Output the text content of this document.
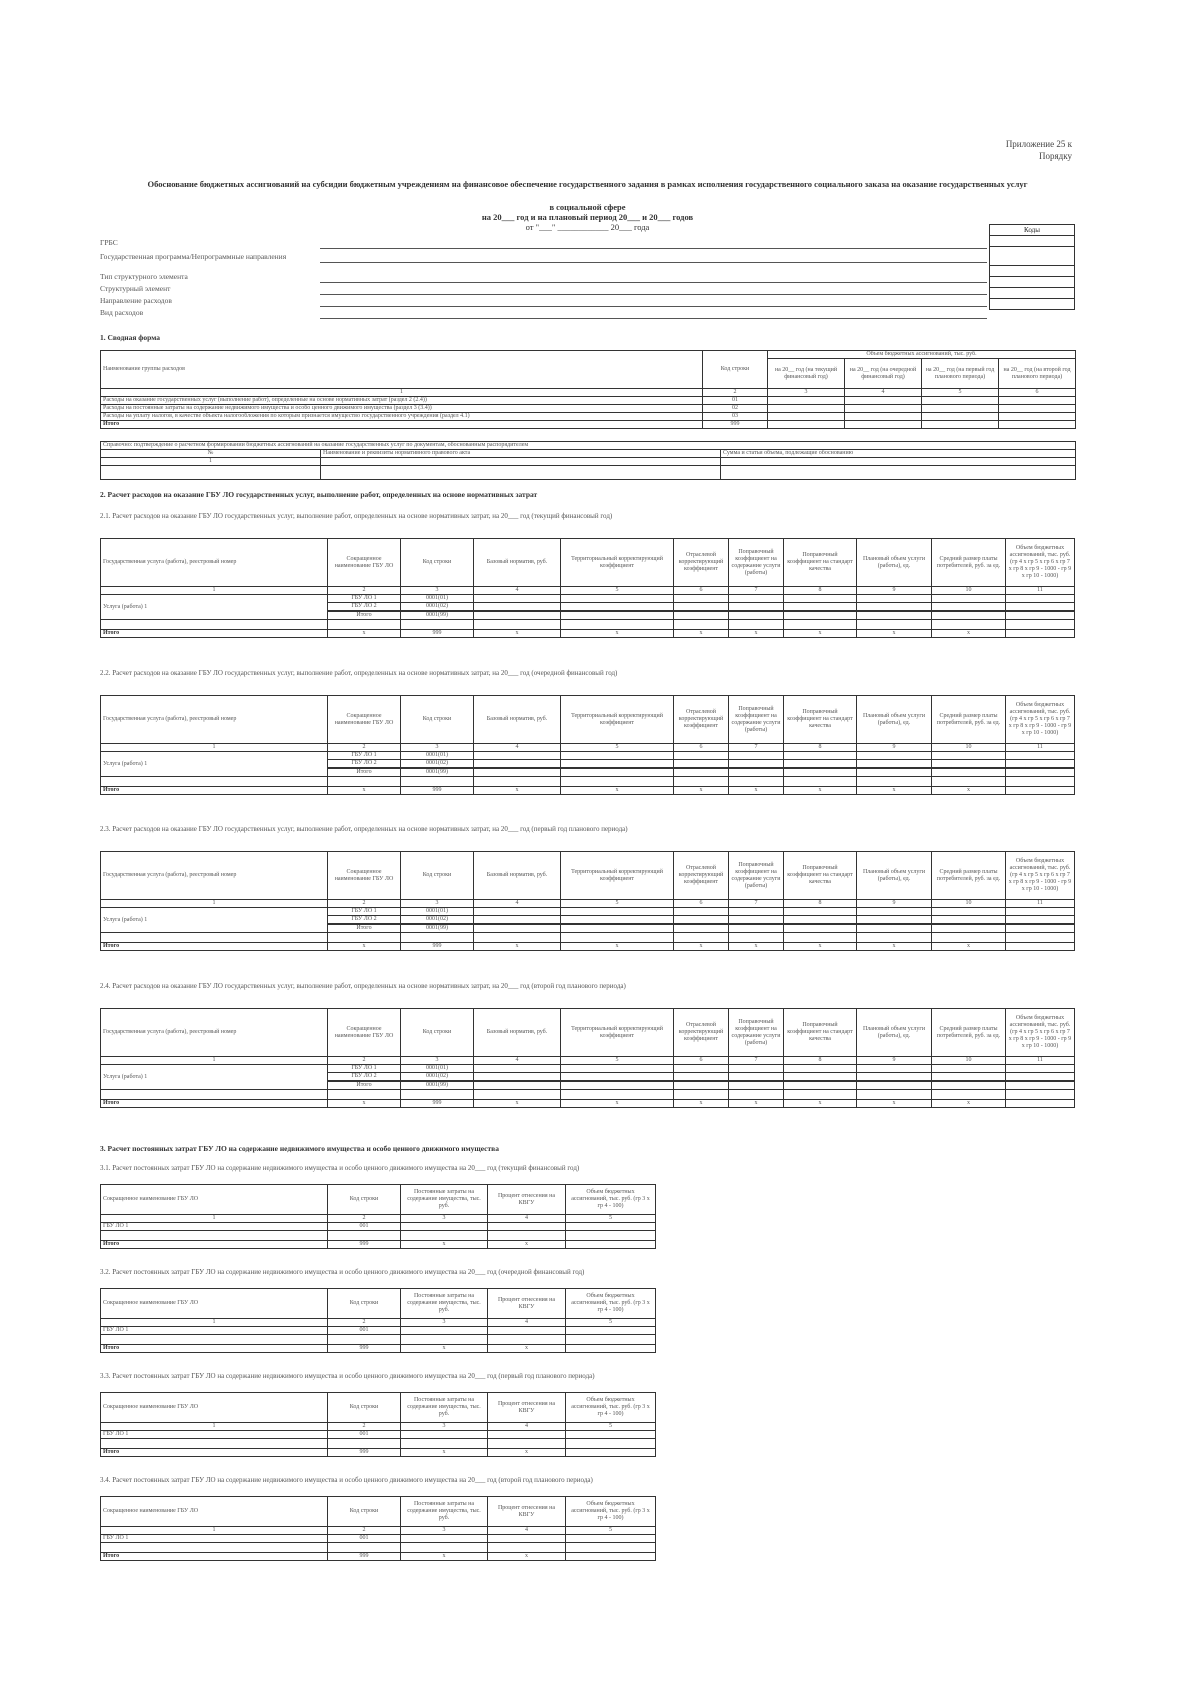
Приложение 25 к
Порядку
Обоснование бюджетных ассигнований на субсидии бюджетным учреждениям на финансовое обеспечение государственного задания в рамках исполнения государственного социального заказа на оказание государственных услуг
в социальной сфере
на 20___ год и на плановый период 20___ и 20___ годов
от "___" ____________ 20___ года
ГРБС
Государственная программа/Непрограммные направления
Тип структурного элемента
Структурный элемент
Направление расходов
Вид расходов
Коды

1. Сводная форма
Наименование группы расходов	Код строки	Объем бюджетных ассигнований, тыс. руб.			
		на 20__ год (на текущий финансовый год)	на 20__ год (на очередной финансовый год)	на 20__ год (на первый год планового периода)	на 20__ год (на второй год планового периода)
1	2	3	4	5	6
Расходы на оказание государственных услуг (выполнение работ), определенные на основе нормативных затрат (раздел 2 (2.4))	01				
Расходы на постоянные затраты на содержание недвижимого имущества и особо ценного движимого имущества (раздел 3 (3.4))	02				
Расходы на уплату налогов, в качестве объекта налогообложения по которым признается имущество государственного учреждения (раздел 4.1)	03				
Итого	999				
Справочно: подтверждение о расчетном формировании бюджетных ассигнований на оказание государственных услуг по документам, обоснованным распорядителем		
№	Наименование и реквизиты нормативного правового акта	Сумма и статьи объема, подлежащие обоснованию
1		

2. Расчет расходов на оказание ГБУ ЛО государственных услуг, выполнение работ, определенных на основе нормативных затрат
2.1. Расчет расходов на оказание ГБУ ЛО государственных услуг, выполнение работ, определенных на основе нормативных затрат, на 20___ год (текущий финансовый год)
Государственная услуга (работа), реестровый номер	Сокращенное наименование ГБУ ЛО	Код строки	Базовый норматив, руб.	Территориальный корректирующий коэффициент	Отраслевой корректирующий коэффициент	Поправочный коэффициент на содержание услуги (работы)	Поправочный коэффициент на стандарт качества	Плановый объем услуги (работы), ед.	Средний размер платы потребителей, руб. за ед.	Объем бюджетных ассигнований, тыс. руб. (гр 4 х гр 5 х гр 6 х гр 7 х гр 8 х гр 9 - 1000 - гр 9 х гр 10 - 1000)
1	2	3	4	5	6	7	8	9	10	11
Услуга (работа) 1	ГБУ ЛО 1	0001(01)								
	ГБУ ЛО 2	0001(02)								

	Итого	0001(99)								

Итого	х	999	х	х	х	х	х	х	х	
2.2. Расчет расходов на оказание ГБУ ЛО государственных услуг, выполнение работ, определенных на основе нормативных затрат, на 20___ год (очередной финансовый год)
Государственная услуга (работа), реестровый номер	Сокращенное наименование ГБУ ЛО	Код строки	Базовый норматив, руб.	Территориальный корректирующий коэффициент	Отраслевой корректирующий коэффициент	Поправочный коэффициент на содержание услуги (работы)	Поправочный коэффициент на стандарт качества	Плановый объем услуги (работы), ед.	Средний размер платы потребителей, руб. за ед.	Объем бюджетных ассигнований, тыс. руб. (гр 4 х гр 5 х гр 6 х гр 7 х гр 8 х гр 9 - 1000 - гр 9 х гр 10 - 1000)
1	2	3	4	5	6	7	8	9	10	11
Услуга (работа) 1	ГБУ ЛО 1	0001(01)								
	ГБУ ЛО 2	0001(02)								

	Итого	0001(99)								

Итого	х	999	х	х	х	х	х	х	х	
2.3. Расчет расходов на оказание ГБУ ЛО государственных услуг, выполнение работ, определенных на основе нормативных затрат, на 20___ год (первый год планового периода)
Государственная услуга (работа), реестровый номер	Сокращенное наименование ГБУ ЛО	Код строки	Базовый норматив, руб.	Территориальный корректирующий коэффициент	Отраслевой корректирующий коэффициент	Поправочный коэффициент на содержание услуги (работы)	Поправочный коэффициент на стандарт качества	Плановый объем услуги (работы), ед.	Средний размер платы потребителей, руб. за ед.	Объем бюджетных ассигнований, тыс. руб. (гр 4 х гр 5 х гр 6 х гр 7 х гр 8 х гр 9 - 1000 - гр 9 х гр 10 - 1000)
1	2	3	4	5	6	7	8	9	10	11
Услуга (работа) 1	ГБУ ЛО 1	0001(01)								
	ГБУ ЛО 2	0001(02)								

	Итого	0001(99)								

Итого	х	999	х	х	х	х	х	х	х	
2.4. Расчет расходов на оказание ГБУ ЛО государственных услуг, выполнение работ, определенных на основе нормативных затрат, на 20___ год (второй год планового периода)
Государственная услуга (работа), реестровый номер	Сокращенное наименование ГБУ ЛО	Код строки	Базовый норматив, руб.	Территориальный корректирующий коэффициент	Отраслевой корректирующий коэффициент	Поправочный коэффициент на содержание услуги (работы)	Поправочный коэффициент на стандарт качества	Плановый объем услуги (работы), ед.	Средний размер платы потребителей, руб. за ед.	Объем бюджетных ассигнований, тыс. руб. (гр 4 х гр 5 х гр 6 х гр 7 х гр 8 х гр 9 - 1000 - гр 9 х гр 10 - 1000)
1	2	3	4	5	6	7	8	9	10	11
Услуга (работа) 1	ГБУ ЛО 1	0001(01)								
	ГБУ ЛО 2	0001(02)								

	Итого	0001(99)								

Итого	х	999	х	х	х	х	х	х	х	
3. Расчет постоянных затрат ГБУ ЛО на содержание недвижимого имущества и особо ценного движимого имущества
3.1. Расчет постоянных затрат ГБУ ЛО на содержание недвижимого имущества и особо ценного движимого имущества на 20___ год (текущий финансовый год)
Сокращенное наименование ГБУ ЛО	Код строки	Постоянные затраты на содержание имущества, тыс. руб.	Процент отнесения на КВГУ	Объем бюджетных ассигнований, тыс. руб. (гр 3 х гр 4 - 100)
1	2	3	4	5
ГБУ ЛО 1	001			

Итого	999	х	х	
3.2. Расчет постоянных затрат ГБУ ЛО на содержание недвижимого имущества и особо ценного движимого имущества на 20___ год (очередной финансовый год)
Сокращенное наименование ГБУ ЛО	Код строки	Постоянные затраты на содержание имущества, тыс. руб.	Процент отнесения на КВГУ	Объем бюджетных ассигнований, тыс. руб. (гр 3 х гр 4 - 100)
1	2	3	4	5
ГБУ ЛО 1	001			

Итого	999	х	х	
3.3. Расчет постоянных затрат ГБУ ЛО на содержание недвижимого имущества и особо ценного движимого имущества на 20___ год (первый год планового периода)
Сокращенное наименование ГБУ ЛО	Код строки	Постоянные затраты на содержание имущества, тыс. руб.	Процент отнесения на КВГУ	Объем бюджетных ассигнований, тыс. руб. (гр 3 х гр 4 - 100)
1	2	3	4	5
ГБУ ЛО 1	001			

Итого	999	х	х	
3.4. Расчет постоянных затрат ГБУ ЛО на содержание недвижимого имущества и особо ценного движимого имущества на 20___ год (второй год планового периода)
Сокращенное наименование ГБУ ЛО	Код строки	Постоянные затраты на содержание имущества, тыс. руб.	Процент отнесения на КВГУ	Объем бюджетных ассигнований, тыс. руб. (гр 3 х гр 4 - 100)
1	2	3	4	5
ГБУ ЛО 1	001			

Итого	999	х	х	
